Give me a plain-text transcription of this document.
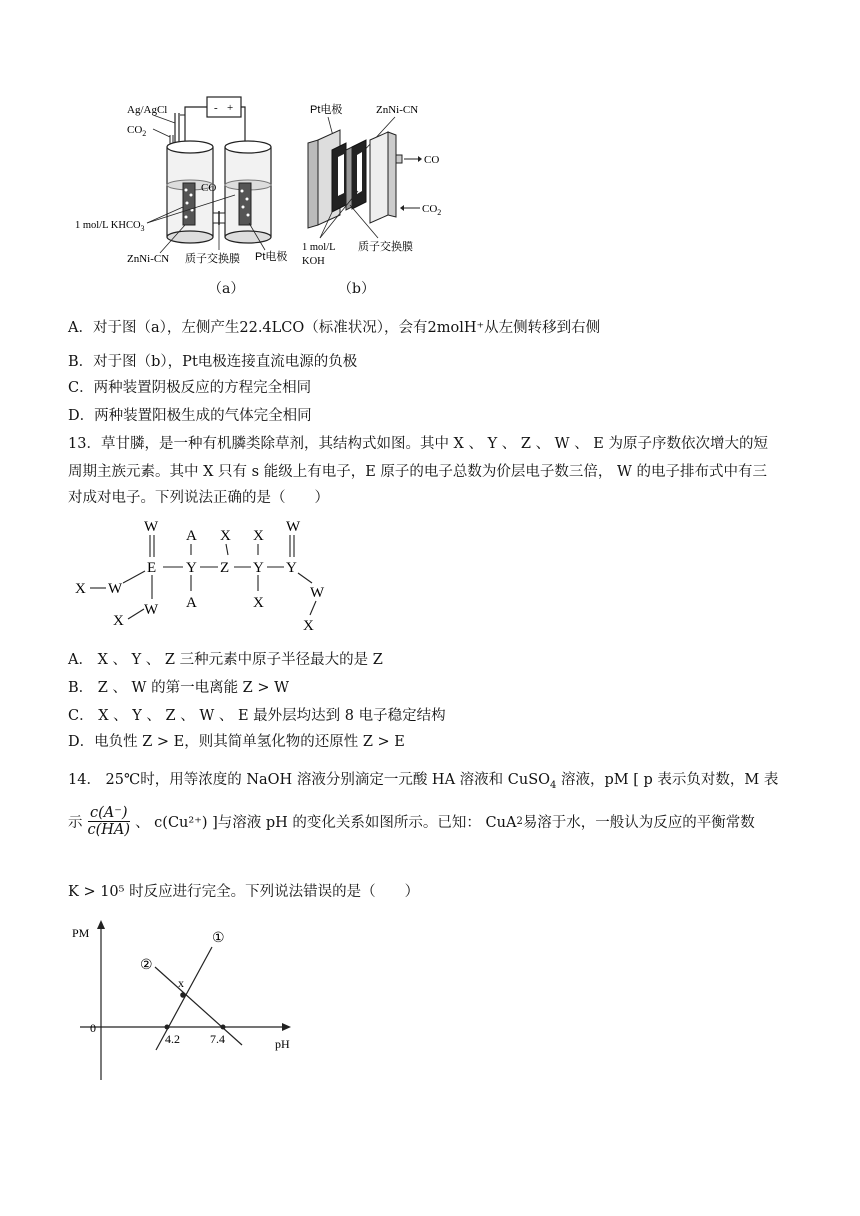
- +
Ag/AgCl
$CO_2$
CO
1 mol/L $KHCO_3$
ZnNi-CN 质子交换膜 Pt电极
（a）
Pt电极	ZnNi-CN
CO
$CO_2$
1 mol/L
KOH
质子交换膜
（b）
A．对于图（a），左侧产生22.4LCO（标准状况），会有2molH⁺从左侧转移到右侧
B．对于图（b），Pt电极连接直流电源的负极
C．两种装置阴极反应的方程完全相同
D．两种装置阳极生成的气体完全相同
13．草甘膦，是一种有机膦类除草剂，其结构式如图。其中 X 、 Y 、 Z 、 W 、 E 为原子序数依次增大的短
周期主族元素。其中 X 只有 s 能级上有电子，E 原子的电子总数为价层电子数三倍， W 的电子排布式中有三
对成对电子。下列说法正确的是（　　）
W
E
A
Y
A
X
Z
X
Y
X
W
Y
W
X
X W
W
X
A． X 、 Y 、 Z 三种元素中原子半径最大的是 Z
B． Z 、 W 的第一电离能 Z > W
C． X 、 Y 、 Z 、 W 、 E 最外层均达到 8 电子稳定结构
D．电负性 Z > E，则其简单氢化物的还原性 Z > E
14． 25℃时，用等浓度的 NaOH 溶液分别滴定一元酸 HA 溶液和 CuSO$_4$ 溶液，pM [ p 表示负对数，M 表
示
c(A⁻)
c(HA) 、 c(Cu²⁺) ]与溶液 pH 的变化关系如图所示。已知： CuA 2 易溶于水，一般认为反应的平衡常数
K > 10⁵ 时反应进行完全。下列说法错误的是（　　）
PM
pH
0
x
4.2	7.4
①
②
